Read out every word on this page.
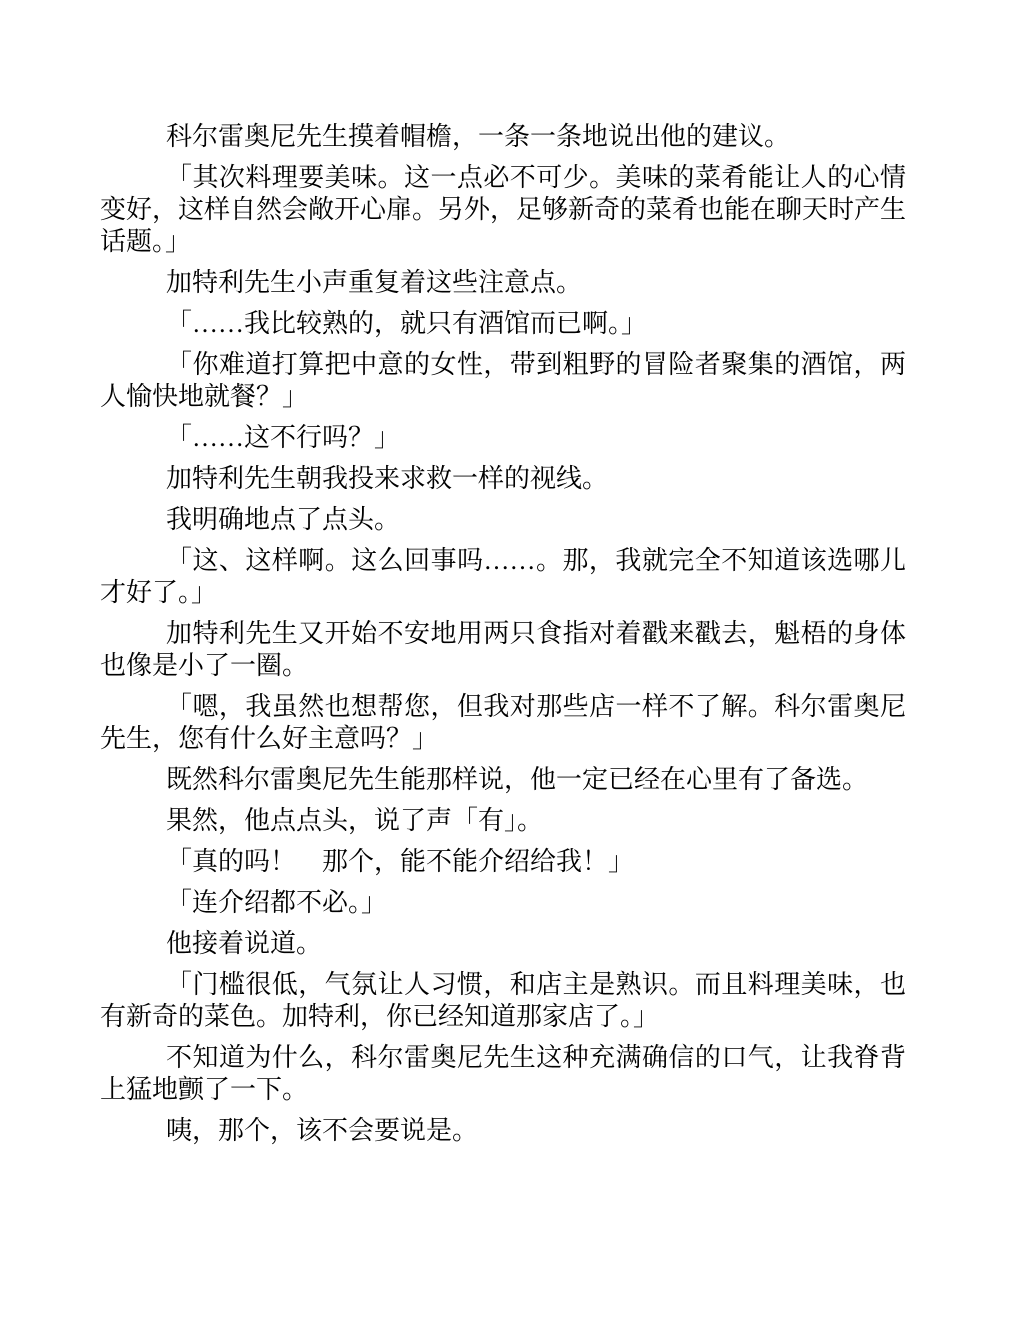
科尔雷奥尼先生摸着帽檐，一条一条地说出他的建议。

「其次料理要美味。这一点必不可少。美味的菜肴能让人的心情变好，这样自然会敞开心扉。另外，足够新奇的菜肴也能在聊天时产生话题。」

加特利先生小声重复着这些注意点。

「……我比较熟的，就只有酒馆而已啊。」

「你难道打算把中意的女性，带到粗野的冒险者聚集的酒馆，两人愉快地就餐？」

「……这不行吗？」

加特利先生朝我投来求救一样的视线。

我明确地点了点头。

「这、这样啊。这么回事吗……。那，我就完全不知道该选哪儿才好了。」

加特利先生又开始不安地用两只食指对着戳来戳去，魁梧的身体也像是小了一圈。

「嗯，我虽然也想帮您，但我对那些店一样不了解。科尔雷奥尼先生，您有什么好主意吗？」

既然科尔雷奥尼先生能那样说，他一定已经在心里有了备选。

果然，他点点头，说了声「有」。

「真的吗！　那个，能不能介绍给我！」

「连介绍都不必。」

他接着说道。

「门槛很低，气氛让人习惯，和店主是熟识。而且料理美味，也有新奇的菜色。加特利，你已经知道那家店了。」

不知道为什么，科尔雷奥尼先生这种充满确信的口气，让我脊背上猛地颤了一下。

咦，那个，该不会要说是。
